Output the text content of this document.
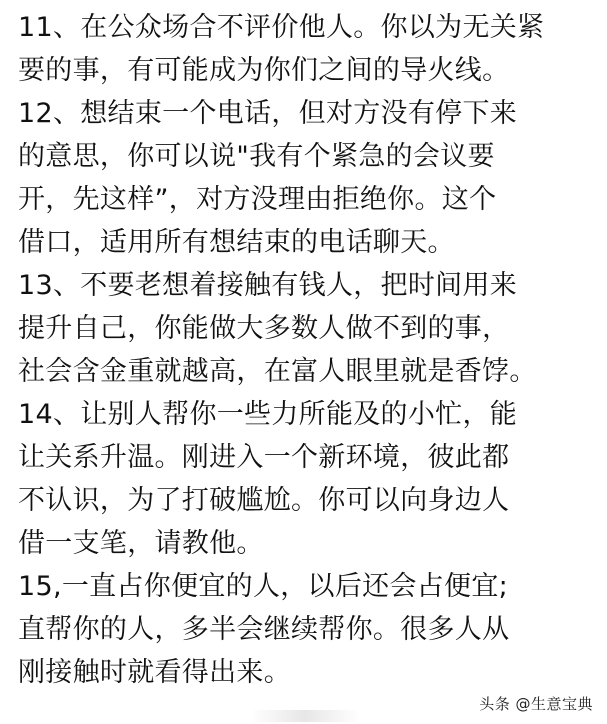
11、在公众场合不评价他人。你以为无关紧
要的事，有可能成为你们之间的导火线。
12、想结束一个电话，但对方没有停下来
的意思，你可以说"我有个紧急的会议要
开，先这样”，对方没理由拒绝你。这个
借口，适用所有想结束的电话聊天。
13、不要老想着接触有钱人，把时间用来
提升自己，你能做大多数人做不到的事，
社会含金重就越高，在富人眼里就是香饽。
14、让别人帮你一些力所能及的小忙，能
让关系升温。刚进入一个新环境，彼此都
不认识，为了打破尴尬。你可以向身边人
借一支笔，请教他。
15,一直占你便宜的人，以后还会占便宜;
直帮你的人，多半会继续帮你。很多人从
刚接触时就看得出来。
头条 @生意宝典
